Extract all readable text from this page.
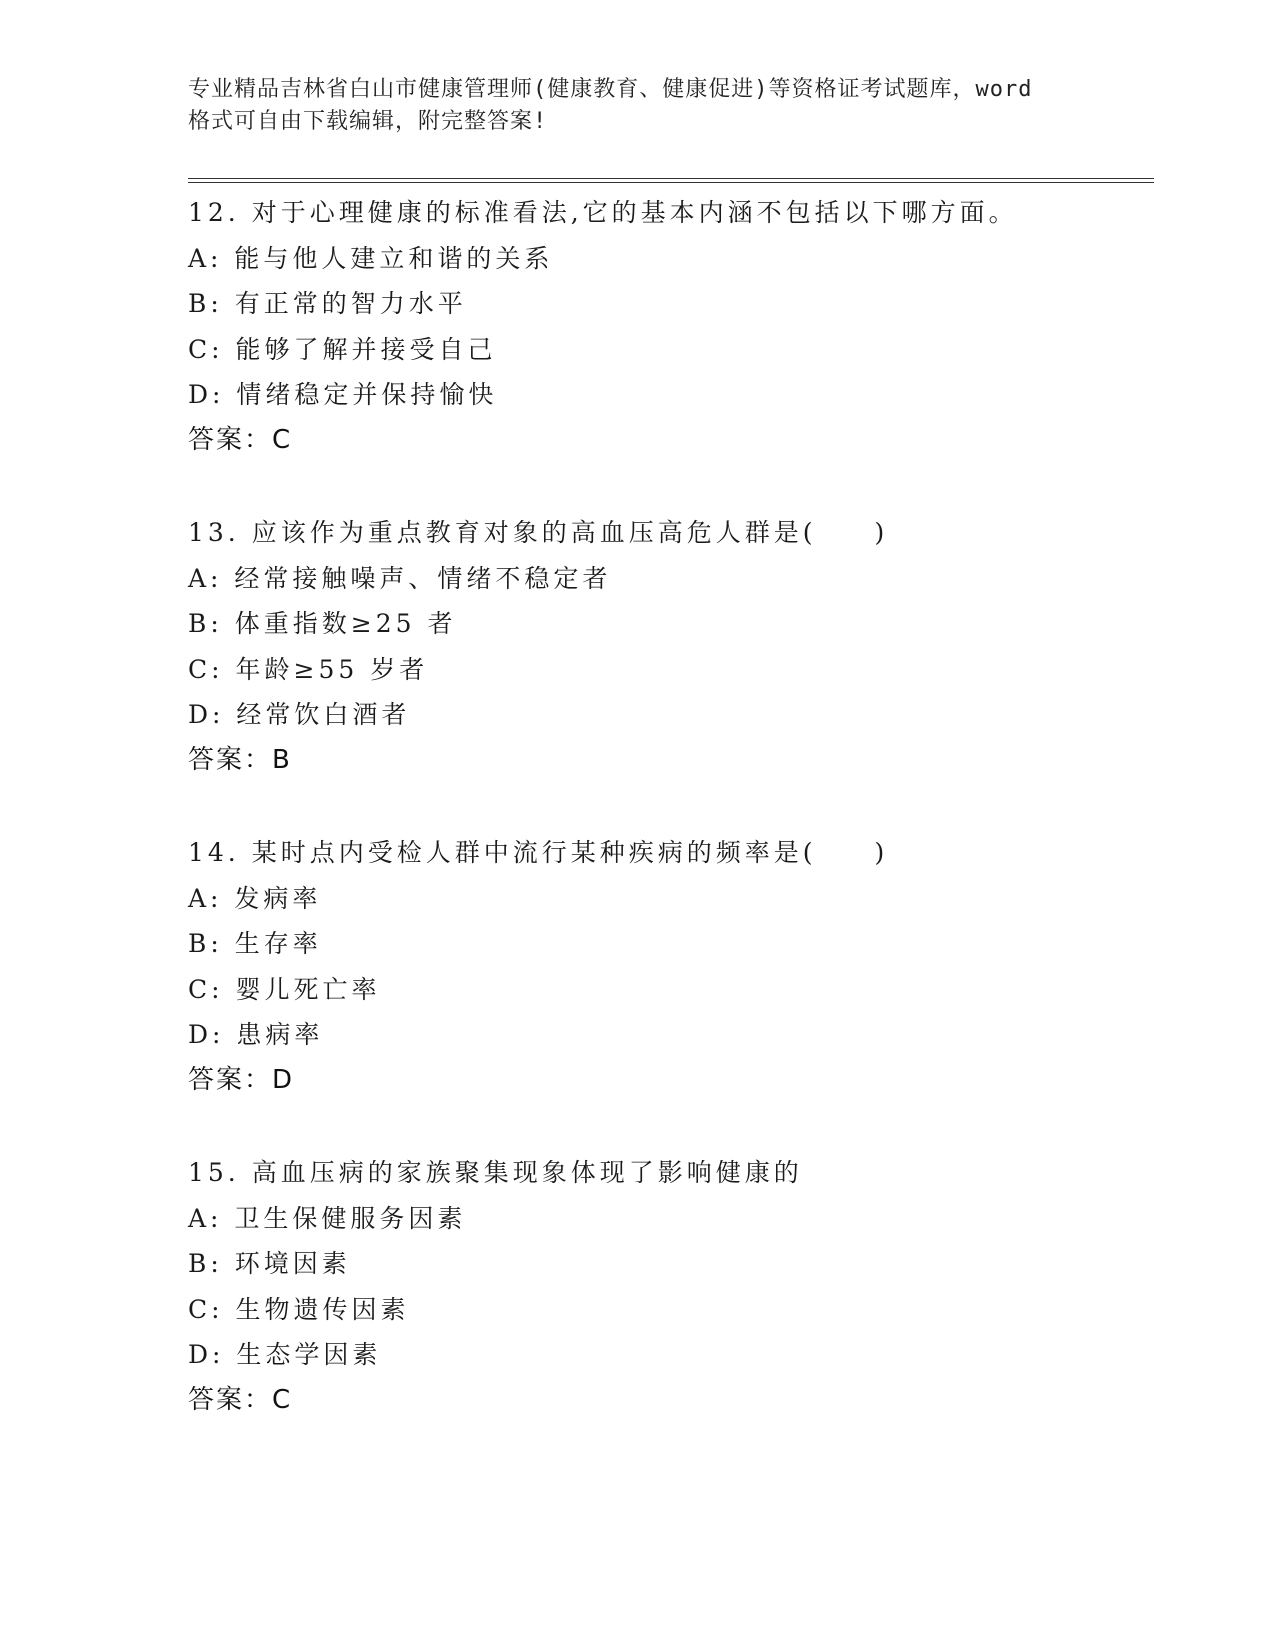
专业精品吉林省白山市健康管理师(健康教育、健康促进)等资格证考试题库，word
格式可自由下载编辑，附完整答案!
12. 对于心理健康的标准看法,它的基本内涵不包括以下哪方面。
A: 能与他人建立和谐的关系
B: 有正常的智力水平
C: 能够了解并接受自己
D: 情绪稳定并保持愉快
答案：C
13. 应该作为重点教育对象的高血压高危人群是(　　)
A: 经常接触噪声、情绪不稳定者
B: 体重指数≥25 者
C: 年龄≥55 岁者
D: 经常饮白酒者
答案：B
14. 某时点内受检人群中流行某种疾病的频率是(　　)
A: 发病率
B: 生存率
C: 婴儿死亡率
D: 患病率
答案：D
15. 高血压病的家族聚集现象体现了影响健康的
A: 卫生保健服务因素
B: 环境因素
C: 生物遗传因素
D: 生态学因素
答案：C
